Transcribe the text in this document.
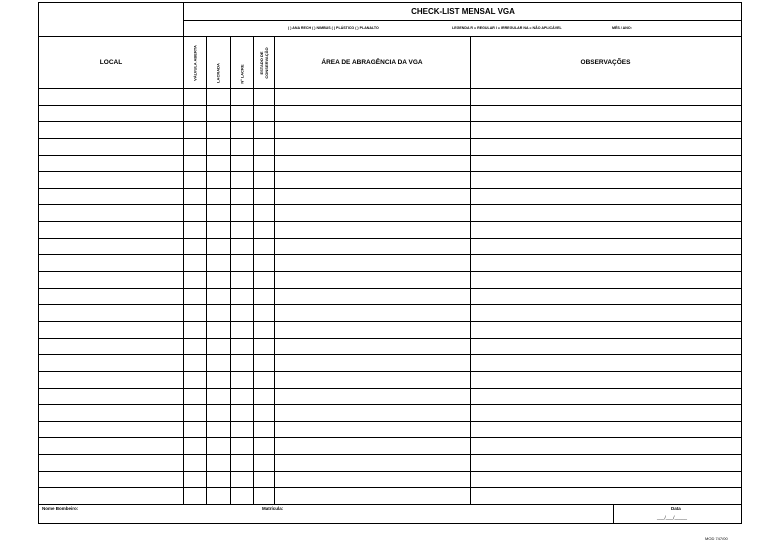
CHECK-LIST MENSAL VGA
( ) ANA RECH ( ) NIMBUS ( ) PLÁSTICO ( ) PLANALTO	LEGENDA R = REGULAR I = IRREGULAR NA = NÃO APLICÁVEL	MÊS / ANO:
LOCAL	VÁLVULA ABERTA	LACRADA	Nº LACRE	ESTADO DE CONSERVAÇÃO	ÁREA DE ABRAGÊNCIA DA VGA	OBSERVAÇÕES
Nome Bombeiro:	Matrícula:	Data
___/___/_____
MOD 747/00
